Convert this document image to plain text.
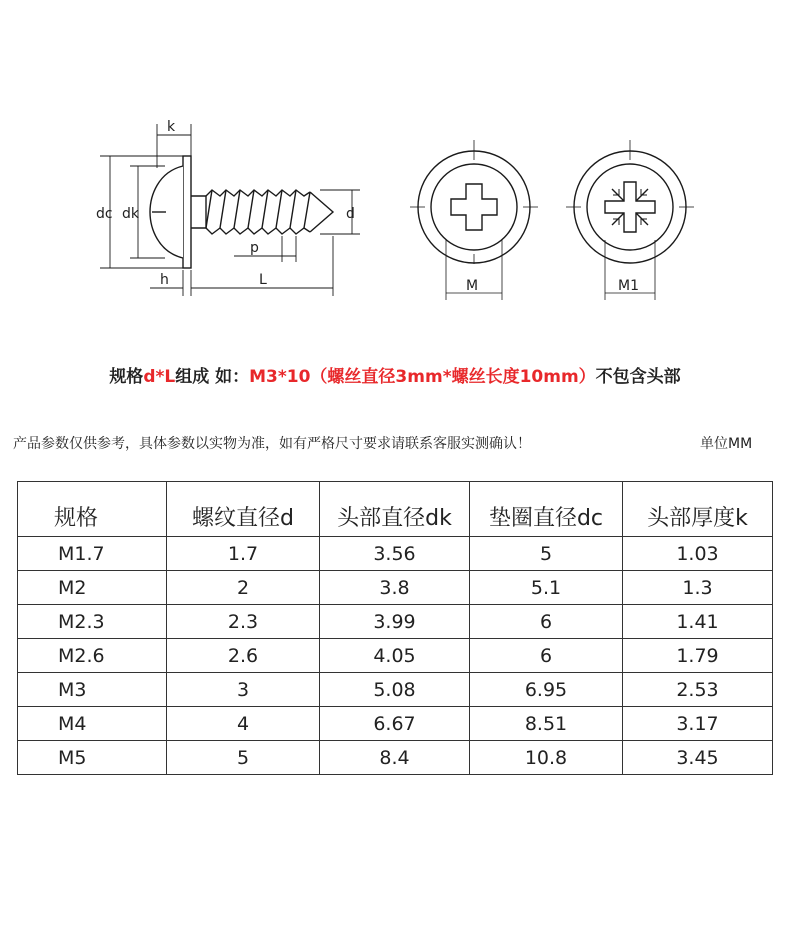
k
dc dk	d
p
h	L	M	M1
规格d*L组成 如：M3*10（螺丝直径3mm*螺丝长度10mm）不包含头部
产品参数仅供参考，具体参数以实物为准，如有严格尺寸要求请联系客服实测确认！	单位MM
规格	螺纹直径d	头部直径dk	垫圈直径dc	头部厚度k
M1.7	1.7	3.56	5	1.03
M2	2	3.8	5.1	1.3
M2.3	2.3	3.99	6	1.41
M2.6	2.6	4.05	6	1.79
M3	3	5.08	6.95	2.53
M4	4	6.67	8.51	3.17
M5	5	8.4	10.8	3.45
